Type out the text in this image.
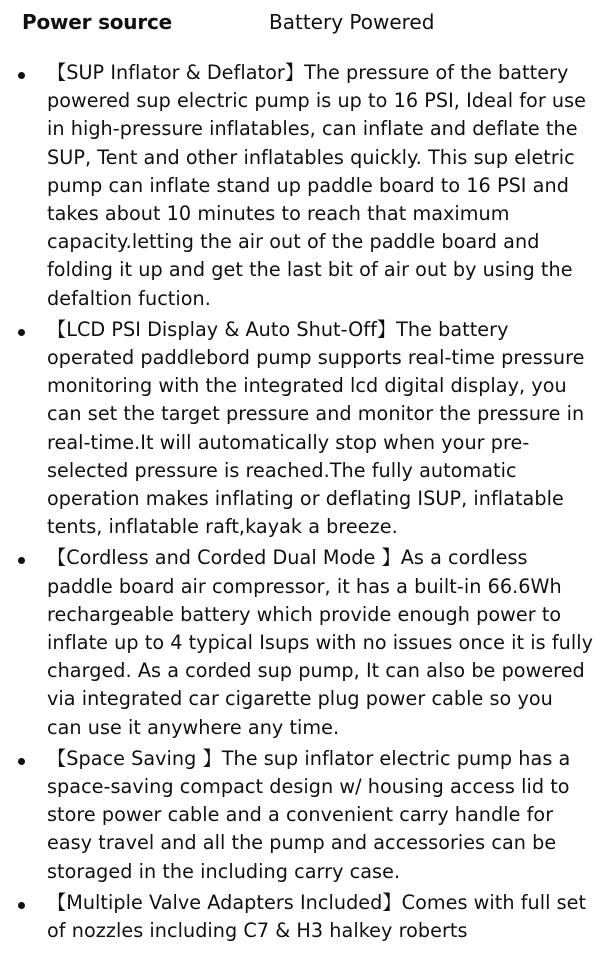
Power source	Battery Powered
【SUP Inflator & Deflator】The pressure of the battery powered sup electric pump is up to 16 PSI, Ideal for use in high-pressure inflatables, can inflate and deflate the SUP, Tent and other inflatables quickly. This sup eletric pump can inflate stand up paddle board to 16 PSI and takes about 10 minutes to reach that maximum capacity.letting the air out of the paddle board and folding it up and get the last bit of air out by using the defaltion fuction.
【LCD PSI Display & Auto Shut-Off】The battery operated paddlebord pump supports real-time pressure monitoring with the integrated lcd digital display, you can set the target pressure and monitor the pressure in real-time.It will automatically stop when your pre-selected pressure is reached.The fully automatic operation makes inflating or deflating ISUP, inflatable tents, inflatable raft,kayak a breeze.
【Cordless and Corded Dual Mode 】As a cordless paddle board air compressor, it has a built-in 66.6Wh rechargeable battery which provide enough power to inflate up to 4 typical Isups with no issues once it is fully charged. As a corded sup pump, It can also be powered via integrated car cigarette plug power cable so you can use it anywhere any time.
【Space Saving 】The sup inflator electric pump has a space-saving compact design w/ housing access lid to store power cable and a convenient carry handle for easy travel and all the pump and accessories can be storaged in the including carry case.
【Multiple Valve Adapters Included】Comes with full set of nozzles including C7 & H3 halkey roberts
